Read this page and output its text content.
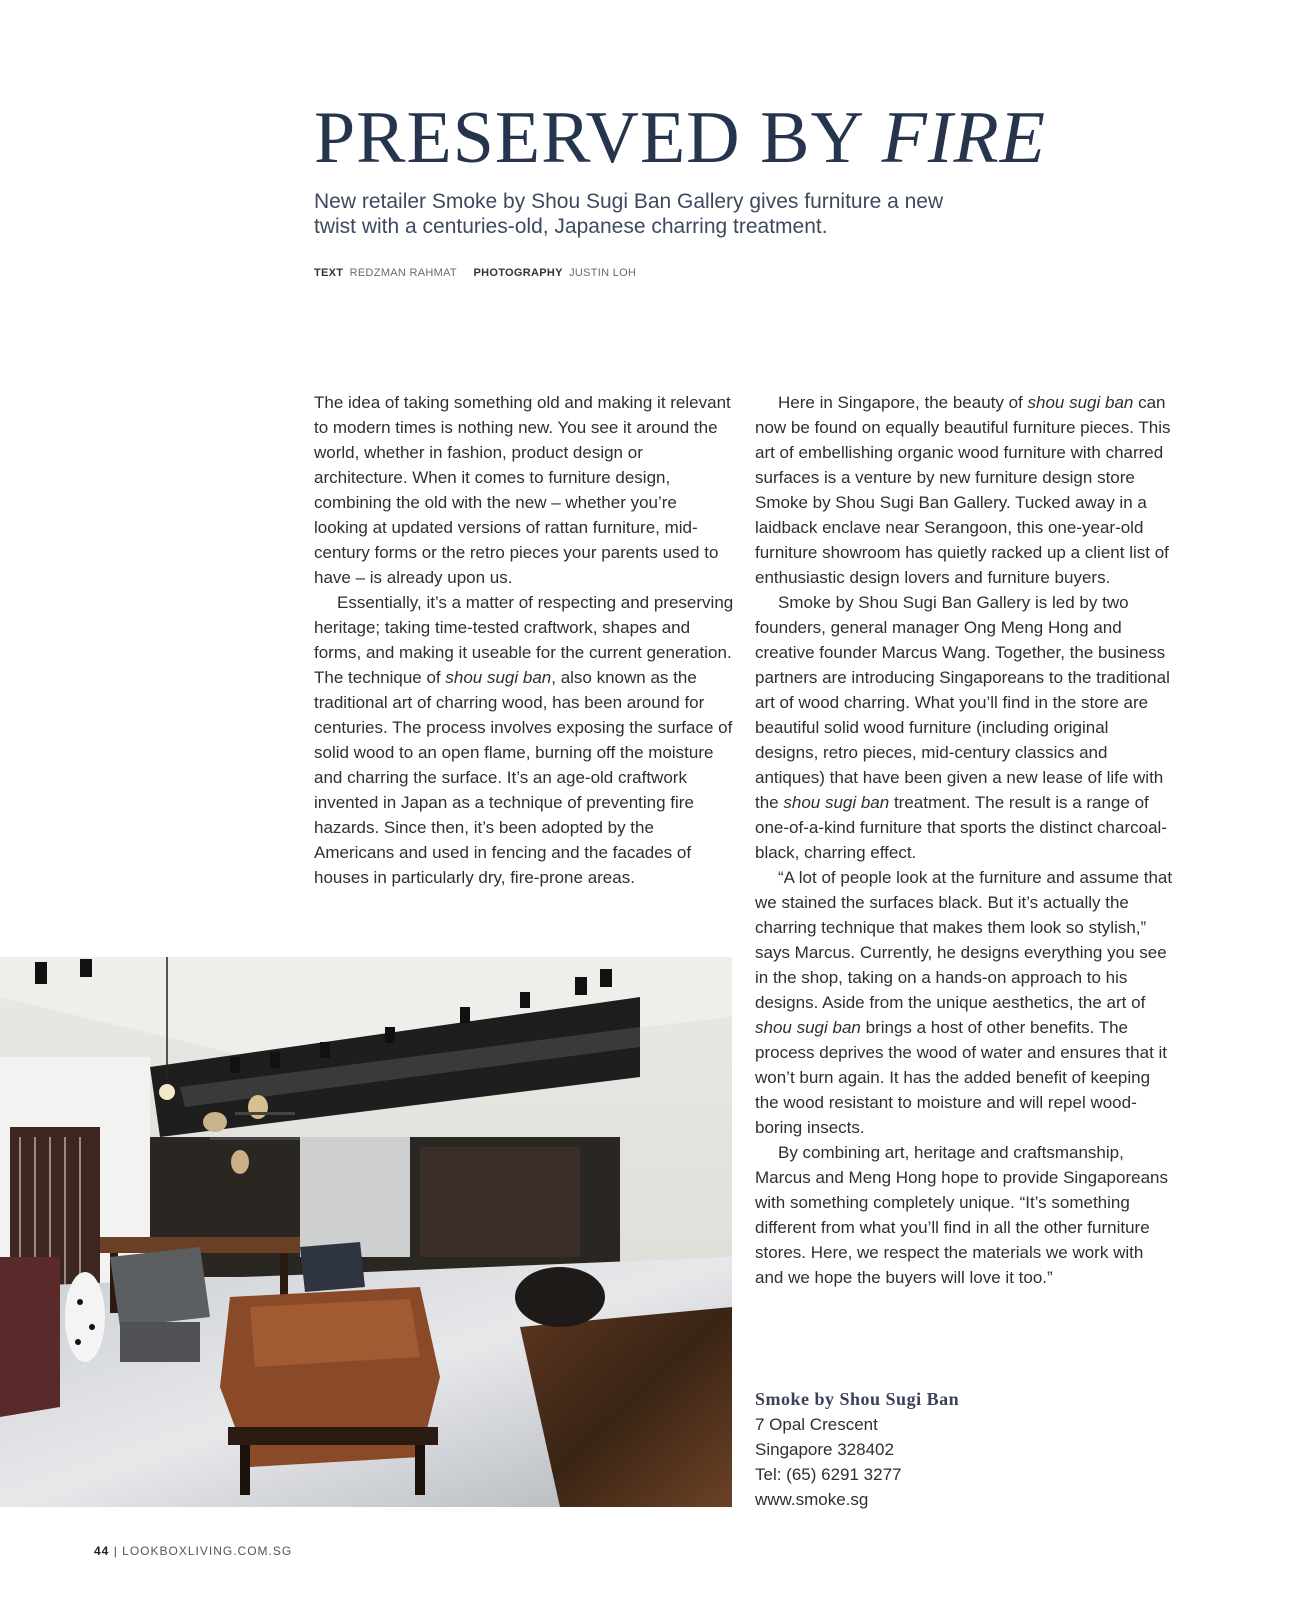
PRESERVED BY FIRE

New retailer Smoke by Shou Sugi Ban Gallery gives furniture a new twist with a centuries-old, Japanese charring treatment.

TEXT REDZMAN RAHMAT PHOTOGRAPHY JUSTIN LOH

The idea of taking something old and making it relevant to modern times is nothing new. You see it around the world, whether in fashion, product design or architecture. When it comes to furniture design, combining the old with the new – whether you’re looking at updated versions of rattan furniture, mid-century forms or the retro pieces your parents used to have – is already upon us.

Essentially, it’s a matter of respecting and preserving heritage; taking time-tested craftwork, shapes and forms, and making it useable for the current generation. The technique of shou sugi ban, also known as the traditional art of charring wood, has been around for centuries. The process involves exposing the surface of solid wood to an open flame, burning off the moisture and charring the surface. It’s an age-old craftwork invented in Japan as a technique of preventing fire hazards. Since then, it’s been adopted by the Americans and used in fencing and the facades of houses in particularly dry, fire-prone areas.

Here in Singapore, the beauty of shou sugi ban can now be found on equally beautiful furniture pieces. This art of embellishing organic wood furniture with charred surfaces is a venture by new furniture design store Smoke by Shou Sugi Ban Gallery. Tucked away in a laidback enclave near Serangoon, this one-year-old furniture showroom has quietly racked up a client list of enthusiastic design lovers and furniture buyers.

Smoke by Shou Sugi Ban Gallery is led by two founders, general manager Ong Meng Hong and creative founder Marcus Wang. Together, the business partners are introducing Singaporeans to the traditional art of wood charring. What you’ll find in the store are beautiful solid wood furniture (including original designs, retro pieces, mid-century classics and antiques) that have been given a new lease of life with the shou sugi ban treatment. The result is a range of one-of-a-kind furniture that sports the distinct charcoal-black, charring effect.

“A lot of people look at the furniture and assume that we stained the surfaces black. But it’s actually the charring technique that makes them look so stylish,” says Marcus. Currently, he designs everything you see in the shop, taking on a hands-on approach to his designs. Aside from the unique aesthetics, the art of shou sugi ban brings a host of other benefits. The process deprives the wood of water and ensures that it won’t burn again. It has the added benefit of keeping the wood resistant to moisture and will repel wood-boring insects.

By combining art, heritage and craftsmanship, Marcus and Meng Hong hope to provide Singaporeans with something completely unique. “It’s something different from what you’ll find in all the other furniture stores. Here, we respect the materials we work with and we hope the buyers will love it too.”

Smoke by Shou Sugi Ban
7 Opal Crescent
Singapore 328402
Tel: (65) 6291 3277
www.smoke.sg
44 | LOOKBOXLIVING.COM.SG
